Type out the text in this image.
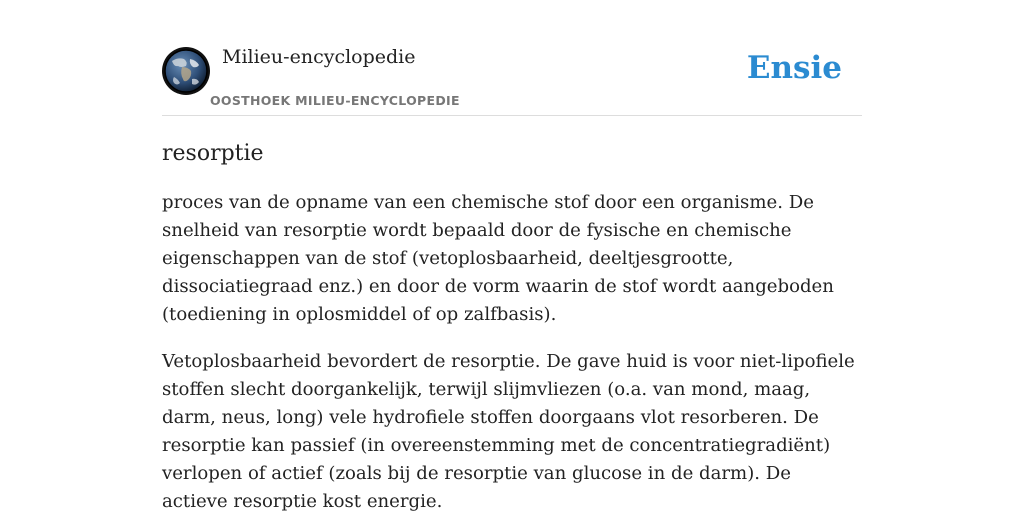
Milieu-encyclopedie
OOSTHOEK MILIEU-ENCYCLOPEDIE
Ensie
resorptie

proces van de opname van een chemische stof door een organisme. De snelheid van resorptie wordt bepaald door de fysische en chemische eigenschappen van de stof (vetoplosbaarheid, deeltjesgrootte, dissociatiegraad enz.) en door de vorm waarin de stof wordt aangeboden (toediening in oplosmiddel of op zalfbasis).

Vetoplosbaarheid bevordert de resorptie. De gave huid is voor niet-lipofiele stoffen slecht doorgankelijk, terwijl slijmvliezen (o.a. van mond, maag, darm, neus, long) vele hydrofiele stoffen doorgaans vlot resorberen. De resorptie kan passief (in overeenstemming met de concentratiegradiënt) verlopen of actief (zoals bij de resorptie van glucose in de darm). De actieve resorptie kost energie.
